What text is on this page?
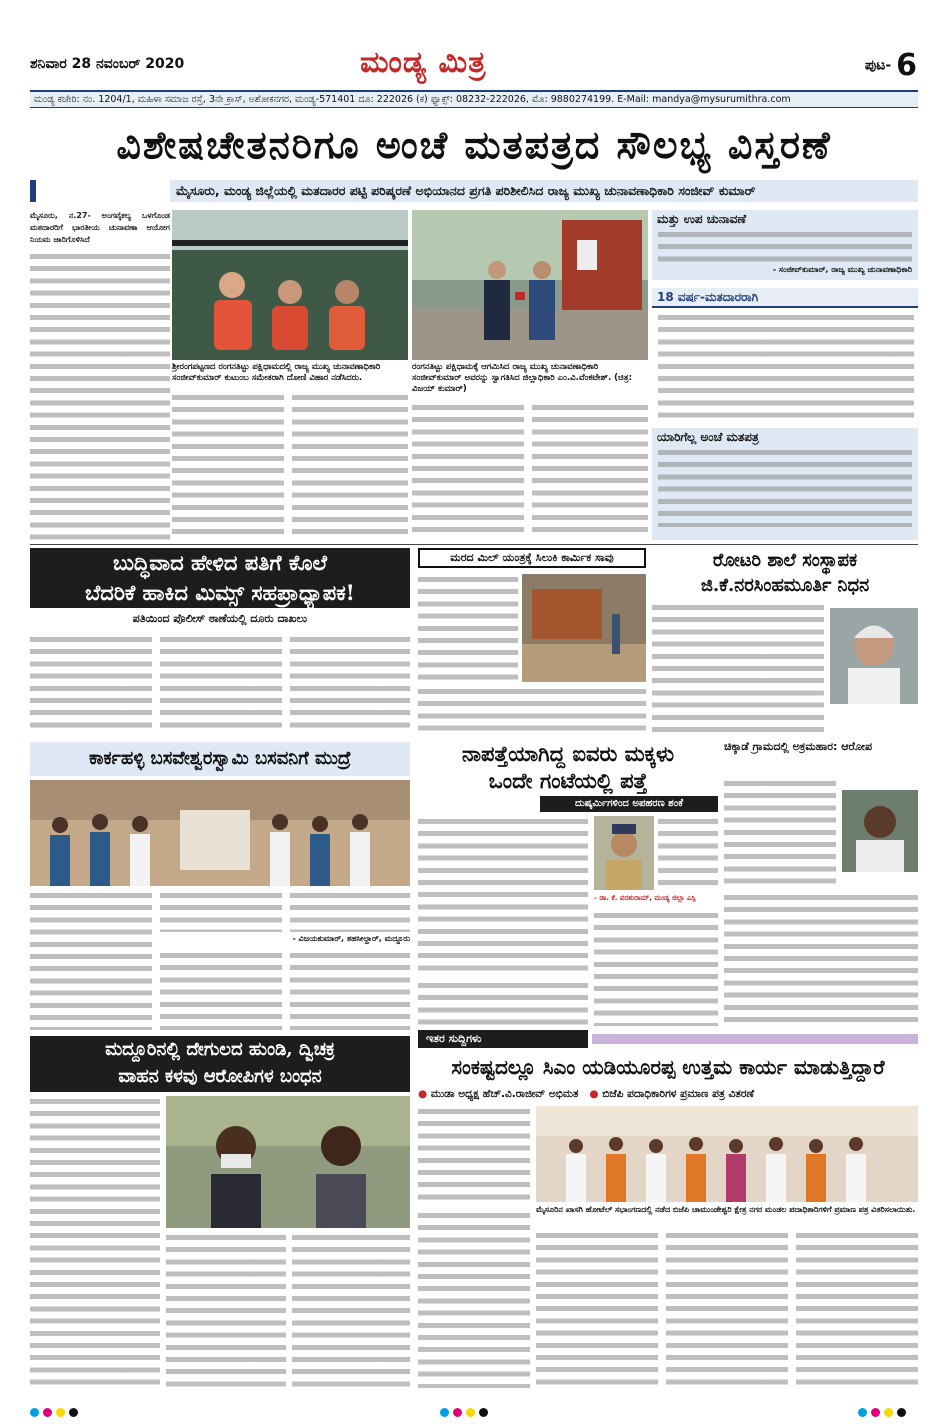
ಶನಿವಾರ 28 ನವಂಬರ್ 2020	ಮಂಡ್ಯ ಮಿತ್ರ	ಪುಟ- 6
ಮಂಡ್ಯ ಕಚೇರಿ: ನಂ. 1204/1, ಮಹಿಳಾ ಸಮಾಜ ರಸ್ತೆ, 3ನೇ ಕ್ರಾಸ್, ಅಶೋಕನಗರ, ಮಂಡ್ಯ-571401 ದೂ: 222026 (ಕ) ಫ್ಯಾಕ್ಸ್: 08232-222026, ಮೊ: 9880274199. E-Mail: mandya@mysurumithra.com
ವಿಶೇಷಚೇತನರಿಗೂ ಅಂಚೆ ಮತಪತ್ರದ ಸೌಲಭ್ಯ ವಿಸ್ತರಣೆ
ಮೈಸೂರು, ಮಂಡ್ಯ ಜಿಲ್ಲೆಯಲ್ಲಿ ಮತದಾರರ ಪಟ್ಟಿ ಪರಿಷ್ಕರಣೆ ಅಭಿಯಾನದ ಪ್ರಗತಿ ಪರಿಶೀಲಿಸಿದ ರಾಜ್ಯ ಮುಖ್ಯ ಚುನಾವಣಾಧಿಕಾರಿ ಸಂಜೀವ್ ಕುಮಾರ್
ಮೈಸೂರು, ನ.27- ಅಂಗವೈಕಲ್ಯ ಒಳಗೊಂಡ ಮತದಾರರಿಗೆ ಭಾರತೀಯ ಚುನಾವಣಾ ಆಯೋಗ ನಿಯಮ ಜಾರಿಗೊಳಿಸಿದೆ
ಶ್ರೀರಂಗಪಟ್ಟಣದ ರಂಗನತಿಟ್ಟು ಪಕ್ಷಿಧಾಮದಲ್ಲಿ ರಾಜ್ಯ ಮುಖ್ಯ ಚುನಾವಣಾಧಿಕಾರಿ ಸಂಜೀವ್‌ಕುಮಾರ್ ಕುಟುಂಬ ಸಮೇತರಾಗಿ ದೋಣಿ ವಿಹಾರ ನಡೆಸಿದರು.
ರಂಗನತಿಟ್ಟು ಪಕ್ಷಿಧಾಮಕ್ಕೆ ಆಗಮಿಸಿದ ರಾಜ್ಯ ಮುಖ್ಯ ಚುನಾವಣಾಧಿಕಾರಿ ಸಂಜೀವ್‌ಕುಮಾರ್ ಅವರನ್ನು ಸ್ವಾಗತಿಸಿದ ಜಿಲ್ಲಾಧಿಕಾರಿ ಎಂ.ವಿ.ವೆಂಕಟೇಶ್. (ಚಿತ್ರ: ವಿಜಯ್ ಕುಮಾರ್)
ಮತ್ತು ಉಪ ಚುನಾವಣೆ
- ಸಂಜೀವ್‌ಕುಮಾರ್, ರಾಜ್ಯ ಮುಖ್ಯ ಚುನಾವಣಾಧಿಕಾರಿ
18 ವರ್ಷ-ಮತದಾರರಾಗಿ
ಯಾರಿಗೆಲ್ಲ ಅಂಚೆ ಮತಪತ್ರ
ಬುದ್ಧಿವಾದ ಹೇಳಿದ ಪತಿಗೆ ಕೊಲೆ
ಬೆದರಿಕೆ ಹಾಕಿದ ಮಿಮ್ಸ್ ಸಹಪ್ರಾಧ್ಯಾಪಕ!
ಪತಿಯಿಂದ ಪೊಲೀಸ್ ಠಾಣೆಯಲ್ಲಿ ದೂರು ದಾಖಲು
ಮರದ ಮಿಲ್ ಯಂತ್ರಕ್ಕೆ ಸಿಲುಕಿ ಕಾರ್ಮಿಕ ಸಾವು	ರೋಟರಿ ಶಾಲೆ ಸಂಸ್ಥಾಪಕ
ಜಿ.ಕೆ.ನರಸಿಂಹಮೂರ್ತಿ ನಿಧನ
ನಾಪತ್ತೆಯಾಗಿದ್ದ ಐವರು ಮಕ್ಕಳು
ಒಂದೇ ಗಂಟೆಯಲ್ಲಿ ಪತ್ತೆ
ದುಷ್ಕರ್ಮಿಗಳಿಂದ ಅಪಹರಣ ಶಂಕೆ
- ಡಾ. ಕೆ. ಪರಶುರಾಮ್, ಮಂಡ್ಯ ಜಿಲ್ಲಾ ಎಸ್ಪಿ
ಚಿಕ್ಕಾಡೆ ಗ್ರಾಮದಲ್ಲಿ ಅಕ್ರಮಹಾರ: ಆರೋಪ
ಕಾರ್ಕಹಳ್ಳಿ ಬಸವೇಶ್ವರಸ್ವಾಮಿ ಬಸವನಿಗೆ ಮುದ್ರೆ
- ವಿಜಯಕುಮಾರ್, ತಹಸೀಲ್ದಾರ್, ಮದ್ದೂರು
ಇತರ ಸುದ್ದಿಗಳು
ಸಂಕಷ್ಟದಲ್ಲೂ ಸಿಎಂ ಯಡಿಯೂರಪ್ಪ ಉತ್ತಮ ಕಾರ್ಯ ಮಾಡುತ್ತಿದ್ದಾರೆ
● ಮುಡಾ ಅಧ್ಯಕ್ಷ ಹೆಚ್.ವಿ.ರಾಜೀವ್ ಅಭಿಮತ ● ಬಿಜೆಪಿ ಪದಾಧಿಕಾರಿಗಳ ಪ್ರಮಾಣ ಪತ್ರ ವಿತರಣೆ
ಮೈಸೂರಿನ ಖಾಸಗಿ ಹೋಟೆಲ್ ಸಭಾಂಗಣದಲ್ಲಿ ನಡೆದ ಬಿಜೆಪಿ ಚಾಮುಂಡೇಶ್ವರಿ ಕ್ಷೇತ್ರ ನಗರ ಮಂಡಲ ಪದಾಧಿಕಾರಿಗಳಿಗೆ ಪ್ರಮಾಣ ಪತ್ರ ವಿತರಿಸಲಾಯಿತು.
ಮದ್ದೂರಿನಲ್ಲಿ ದೇಗುಲದ ಹುಂಡಿ, ದ್ವಿಚಕ್ರ
ವಾಹನ ಕಳವು ಆರೋಪಿಗಳ ಬಂಧನ
